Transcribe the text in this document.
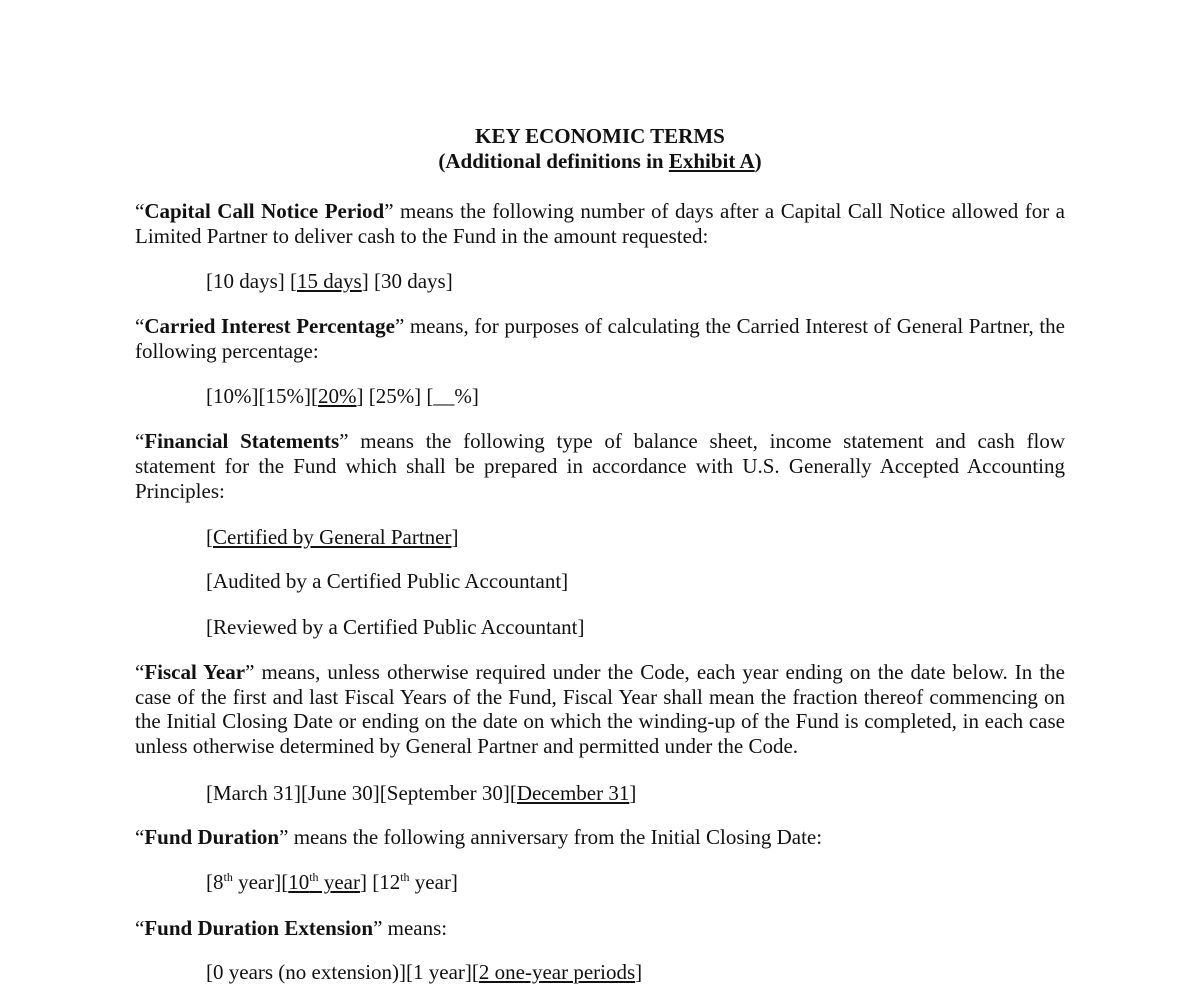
KEY ECONOMIC TERMS
(Additional definitions in Exhibit A)
“Capital Call Notice Period” means the following number of days after a Capital Call Notice allowed for a Limited Partner to deliver cash to the Fund in the amount requested:
[10 days] [15 days] [30 days]
“Carried Interest Percentage” means, for purposes of calculating the Carried Interest of General Partner, the following percentage:
[10%][15%][20%] [25%] [__%]
“Financial Statements” means the following type of balance sheet, income statement and cash flow statement for the Fund which shall be prepared in accordance with U.S. Generally Accepted Accounting Principles:
[Certified by General Partner]
[Audited by a Certified Public Accountant]
[Reviewed by a Certified Public Accountant]
“Fiscal Year” means, unless otherwise required under the Code, each year ending on the date below. In the case of the first and last Fiscal Years of the Fund, Fiscal Year shall mean the fraction thereof commencing on the Initial Closing Date or ending on the date on which the winding-up of the Fund is completed, in each case unless otherwise determined by General Partner and permitted under the Code.
[March 31][June 30][September 30][December 31]
“Fund Duration” means the following anniversary from the Initial Closing Date:
[8th year][10th year] [12th year]
“Fund Duration Extension” means:
[0 years (no extension)][1 year][2 one-year periods]
